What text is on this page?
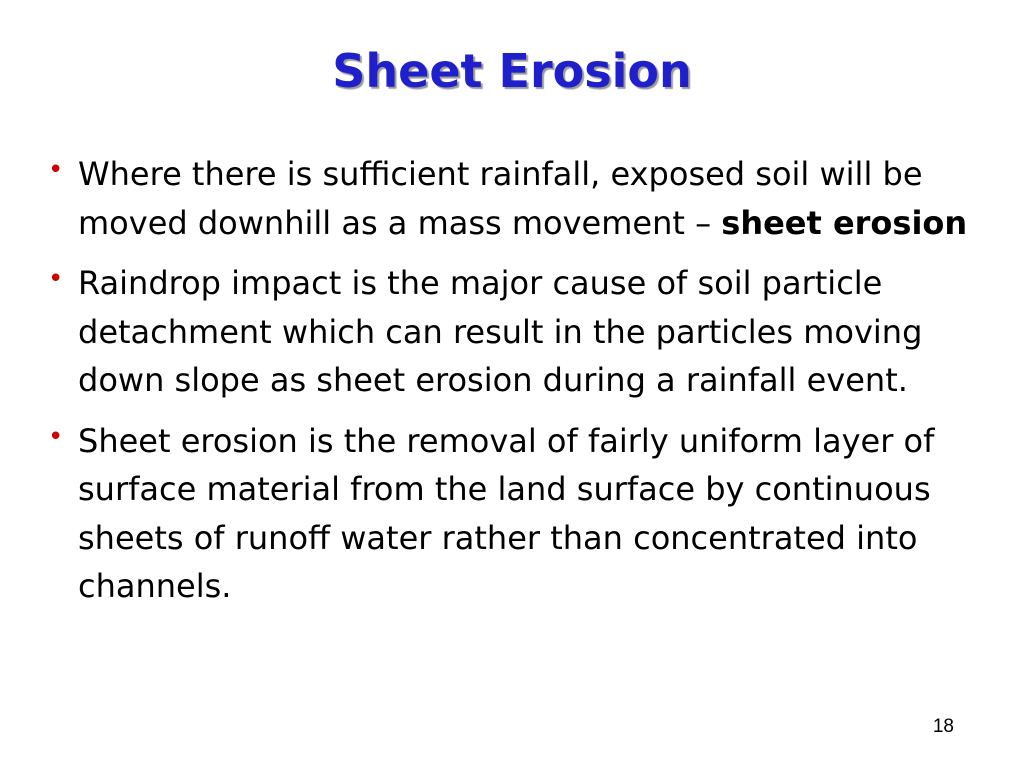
Sheet Erosion
• Where there is sufficient rainfall, exposed soil will be moved downhill as a mass movement – sheet erosion
• Raindrop impact is the major cause of soil particle detachment which can result in the particles moving down slope as sheet erosion during a rainfall event.
• Sheet erosion is the removal of fairly uniform layer of surface material from the land surface by continuous sheets of runoff water rather than concentrated into channels.
18
